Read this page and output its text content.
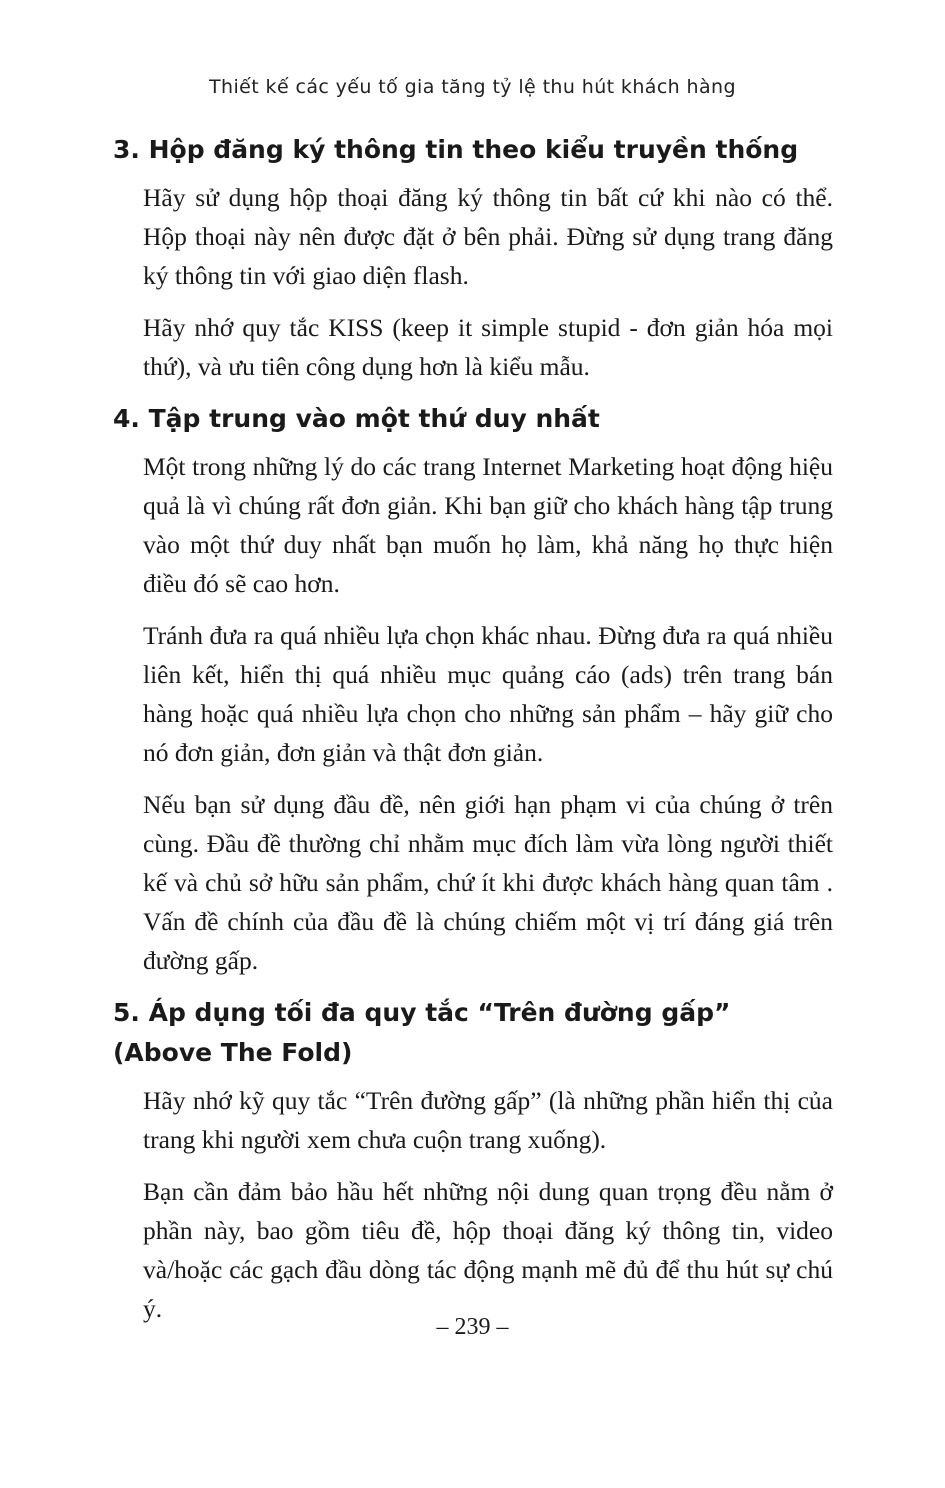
Thiết kế các yếu tố gia tăng tỷ lệ thu hút khách hàng
3. Hộp đăng ký thông tin theo kiểu truyền thống

Hãy sử dụng hộp thoại đăng ký thông tin bất cứ khi nào có thể. Hộp thoại này nên được đặt ở bên phải. Đừng sử dụng trang đăng ký thông tin với giao diện flash.

Hãy nhớ quy tắc KISS (keep it simple stupid - đơn giản hóa mọi thứ), và ưu tiên công dụng hơn là kiểu mẫu.

4. Tập trung vào một thứ duy nhất

Một trong những lý do các trang Internet Marketing hoạt động hiệu quả là vì chúng rất đơn giản. Khi bạn giữ cho khách hàng tập trung vào một thứ duy nhất bạn muốn họ làm, khả năng họ thực hiện điều đó sẽ cao hơn.

Tránh đưa ra quá nhiều lựa chọn khác nhau. Đừng đưa ra quá nhiều liên kết, hiển thị quá nhiều mục quảng cáo (ads) trên trang bán hàng hoặc quá nhiều lựa chọn cho những sản phẩm – hãy giữ cho nó đơn giản, đơn giản và thật đơn giản.

Nếu bạn sử dụng đầu đề, nên giới hạn phạm vi của chúng ở trên cùng. Đầu đề thường chỉ nhằm mục đích làm vừa lòng người thiết kế và chủ sở hữu sản phẩm, chứ ít khi được khách hàng quan tâm . Vấn đề chính của đầu đề là chúng chiếm một vị trí đáng giá trên đường gấp.

5. Áp dụng tối đa quy tắc “Trên đường gấp” (Above The Fold)

Hãy nhớ kỹ quy tắc “Trên đường gấp” (là những phần hiển thị của trang khi người xem chưa cuộn trang xuống).

Bạn cần đảm bảo hầu hết những nội dung quan trọng đều nằm ở phần này, bao gồm tiêu đề, hộp thoại đăng ký thông tin, video và/hoặc các gạch đầu dòng tác động mạnh mẽ đủ để thu hút sự chú ý.

– 239 –
